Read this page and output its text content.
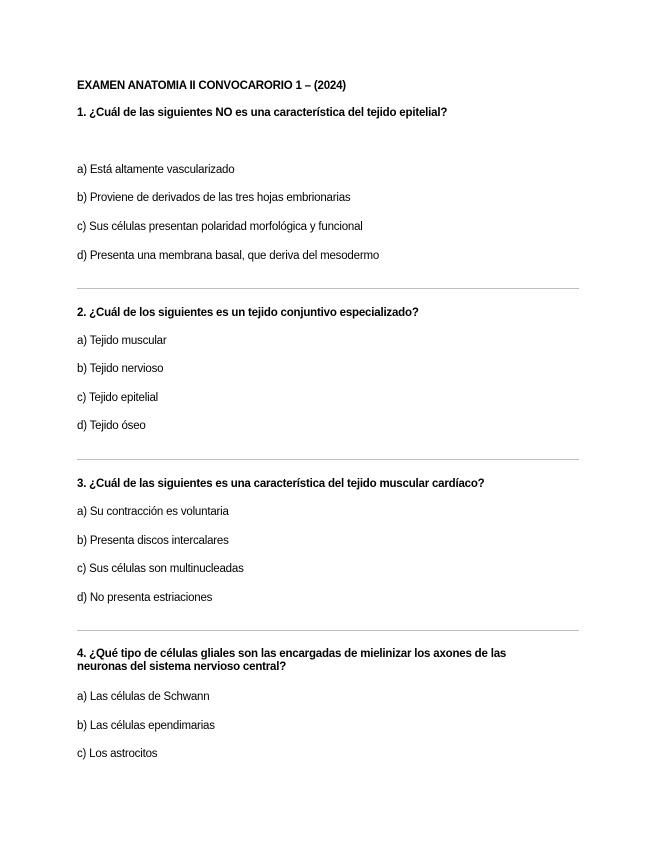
EXAMEN ANATOMIA II CONVOCARORIO 1 – (2024)
1. ¿Cuál de las siguientes NO es una característica del tejido epitelial?
a) Está altamente vascularizado
b) Proviene de derivados de las tres hojas embrionarias
c) Sus células presentan polaridad morfológica y funcional
d) Presenta una membrana basal, que deriva del mesodermo
2. ¿Cuál de los siguientes es un tejido conjuntivo especializado?
a) Tejido muscular
b) Tejido nervioso
c) Tejido epitelial
d) Tejido óseo
3. ¿Cuál de las siguientes es una característica del tejido muscular cardíaco?
a) Su contracción es voluntaria
b) Presenta discos intercalares
c) Sus células son multinucleadas
d) No presenta estriaciones
4. ¿Qué tipo de células gliales son las encargadas de mielinizar los axones de las
neuronas del sistema nervioso central?
a) Las células de Schwann
b) Las células ependimarias
c) Los astrocitos
